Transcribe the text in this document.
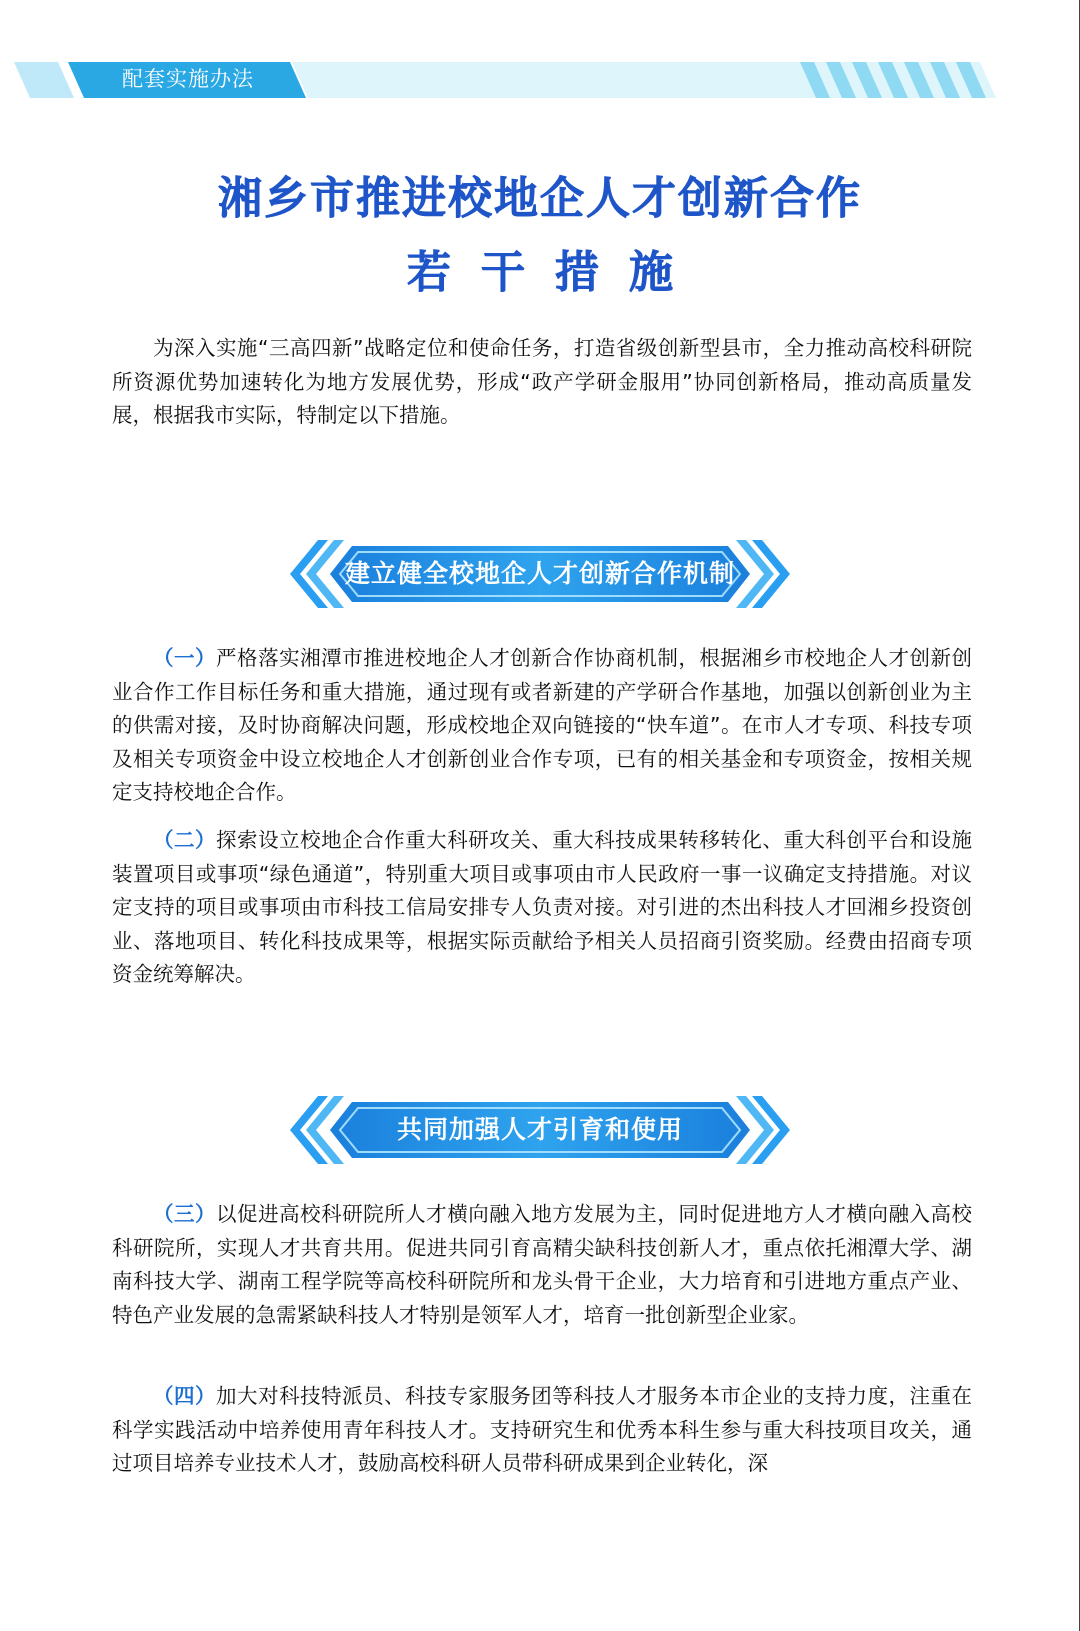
配套实施办法
湘乡市推进校地企人才创新合作
若干措施

为深入实施“三高四新”战略定位和使命任务，打造省级创新型县市，全力推动高校科研院所资源优势加速转化为地方发展优势，形成“政产学研金服用”协同创新格局，推动高质量发展，根据我市实际，特制定以下措施。

建立健全校地企人才创新合作机制

（一）严格落实湘潭市推进校地企人才创新合作协商机制，根据湘乡市校地企人才创新创业合作工作目标任务和重大措施，通过现有或者新建的产学研合作基地，加强以创新创业为主的供需对接，及时协商解决问题，形成校地企双向链接的“快车道”。在市人才专项、科技专项及相关专项资金中设立校地企人才创新创业合作专项，已有的相关基金和专项资金，按相关规定支持校地企合作。

（二）探索设立校地企合作重大科研攻关、重大科技成果转移转化、重大科创平台和设施装置项目或事项“绿色通道”，特别重大项目或事项由市人民政府一事一议确定支持措施。对议定支持的项目或事项由市科技工信局安排专人负责对接。对引进的杰出科技人才回湘乡投资创业、落地项目、转化科技成果等，根据实际贡献给予相关人员招商引资奖励。经费由招商专项资金统筹解决。

共同加强人才引育和使用

（三）以促进高校科研院所人才横向融入地方发展为主，同时促进地方人才横向融入高校科研院所，实现人才共育共用。促进共同引育高精尖缺科技创新人才，重点依托湘潭大学、湖南科技大学、湖南工程学院等高校科研院所和龙头骨干企业，大力培育和引进地方重点产业、特色产业发展的急需紧缺科技人才特别是领军人才，培育一批创新型企业家。

（四）加大对科技特派员、科技专家服务团等科技人才服务本市企业的支持力度，注重在科学实践活动中培养使用青年科技人才。支持研究生和优秀本科生参与重大科技项目攻关，通过项目培养专业技术人才，鼓励高校科研人员带科研成果到企业转化，深
